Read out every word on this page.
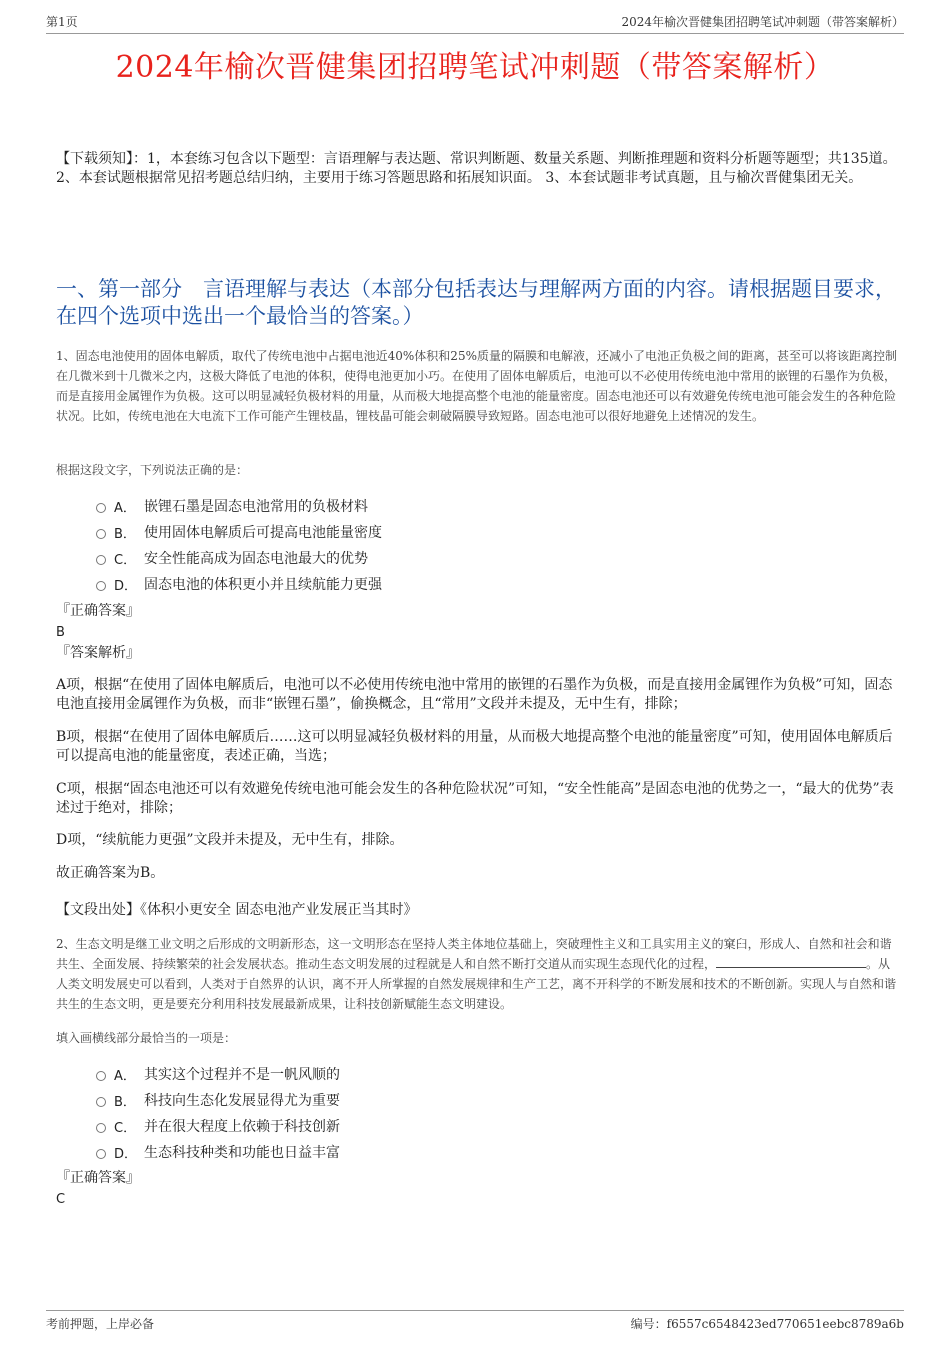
第1页	2024年榆次晋健集团招聘笔试冲刺题（带答案解析）
2024年榆次晋健集团招聘笔试冲刺题（带答案解析）
【下载须知】：1，本套练习包含以下题型：言语理解与表达题、常识判断题、数量关系题、判断推理题和资料分析题等题型；共135道。 2、本套试题根据常见招考题总结归纳，主要用于练习答题思路和拓展知识面。 3、本套试题非考试真题，且与榆次晋健集团无关。
一、第一部分　言语理解与表达（本部分包括表达与理解两方面的内容。请根据题目要求，在四个选项中选出一个最恰当的答案。）
1、固态电池使用的固体电解质，取代了传统电池中占据电池近40%体积和25%质量的隔膜和电解液，还减小了电池正负极之间的距离，甚至可以将该距离控制在几微米到十几微米之内，这极大降低了电池的体积，使得电池更加小巧。在使用了固体电解质后，电池可以不必使用传统电池中常用的嵌锂的石墨作为负极，而是直接用金属锂作为负极。这可以明显减轻负极材料的用量，从而极大地提高整个电池的能量密度。固态电池还可以有效避免传统电池可能会发生的各种危险状况。比如，传统电池在大电流下工作可能产生锂枝晶，锂枝晶可能会刺破隔膜导致短路。固态电池可以很好地避免上述情况的发生。
根据这段文字，下列说法正确的是：
A． 嵌锂石墨是固态电池常用的负极材料
B． 使用固体电解质后可提高电池能量密度
C． 安全性能高成为固态电池最大的优势
D． 固态电池的体积更小并且续航能力更强
『正确答案』
B
『答案解析』
A项，根据“在使用了固体电解质后，电池可以不必使用传统电池中常用的嵌锂的石墨作为负极，而是直接用金属锂作为负极”可知，固态电池直接用金属锂作为负极，而非“嵌锂石墨”，偷换概念，且“常用”文段并未提及，无中生有，排除；
B项，根据“在使用了固体电解质后……这可以明显减轻负极材料的用量，从而极大地提高整个电池的能量密度”可知，使用固体电解质后可以提高电池的能量密度，表述正确，当选；
C项，根据“固态电池还可以有效避免传统电池可能会发生的各种危险状况”可知，“安全性能高”是固态电池的优势之一，“最大的优势”表述过于绝对，排除；
D项，“续航能力更强”文段并未提及，无中生有，排除。
故正确答案为B。
【文段出处】《体积小更安全 固态电池产业发展正当其时》
2、生态文明是继工业文明之后形成的文明新形态，这一文明形态在坚持人类主体地位基础上，突破理性主义和工具实用主义的窠臼，形成人、自然和社会和谐共生、全面发展、持续繁荣的社会发展状态。推动生态文明发展的过程就是人和自然不断打交道从而实现生态现代化的过程，	。从人类文明发展史可以看到，人类对于自然界的认识，离不开人所掌握的自然发展规律和生产工艺，离不开科学的不断发展和技术的不断创新。实现人与自然和谐共生的生态文明，更是要充分利用科技发展最新成果，让科技创新赋能生态文明建设。
填入画横线部分最恰当的一项是：
A． 其实这个过程并不是一帆风顺的
B． 科技向生态化发展显得尤为重要
C． 并在很大程度上依赖于科技创新
D． 生态科技种类和功能也日益丰富
『正确答案』
C
考前押题，上岸必备	编号：f6557c6548423ed770651eebc8789a6b
